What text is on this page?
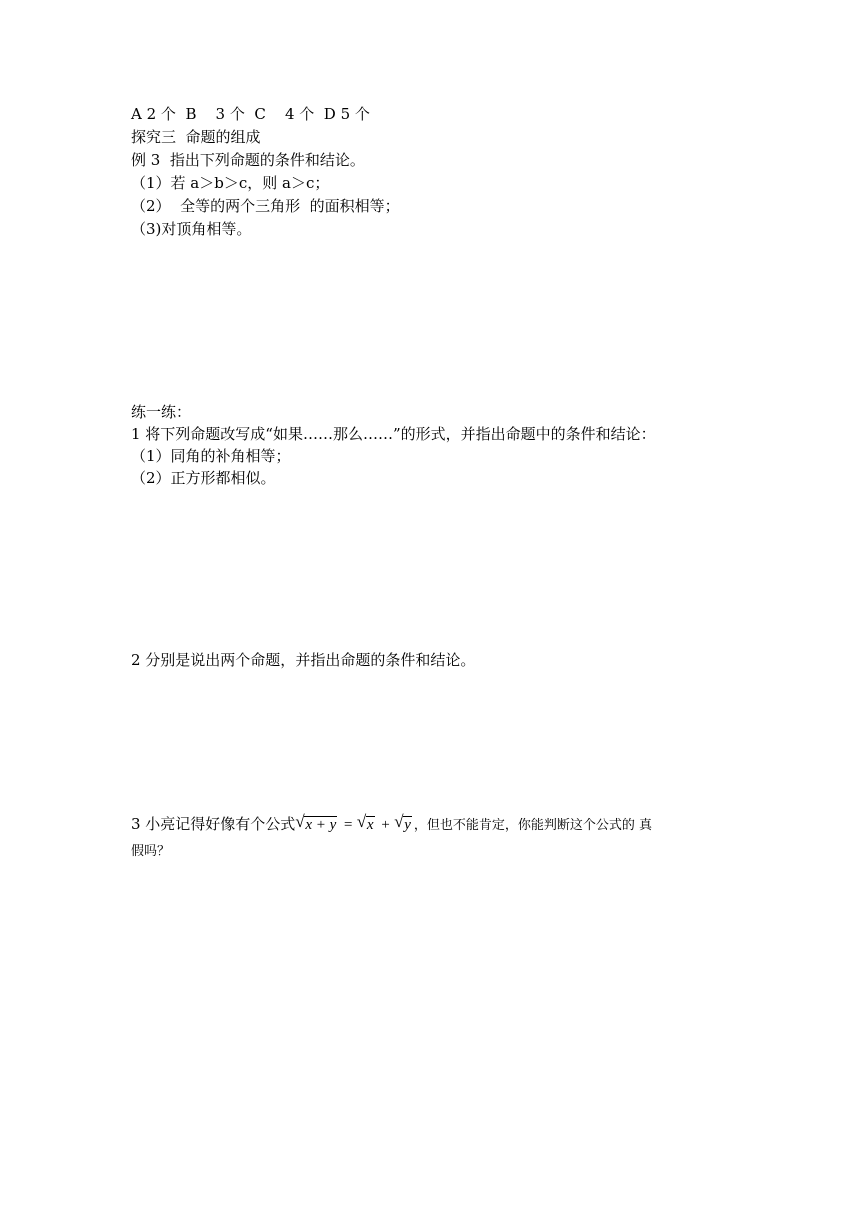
A 2 个  B    3 个  C    4 个  D 5 个
探究三  命题的组成
例 3  指出下列命题的条件和结论。
（1）若 a＞b＞c，则 a＞c；
（2）  全等的两个三角形  的面积相等；
（3)对顶角相等。
练一练：
1 将下列命题改写成“如果……那么……”的形式，并指出命题中的条件和结论：
（1）同角的补角相等；
（2）正方形都相似。
2 分别是说出两个命题，并指出命题的条件和结论。
3 小亮记得好像有个公式 √ x + y = √ x + √ y ，但也不能肯定，你能判断这个公式的 真
假吗？
